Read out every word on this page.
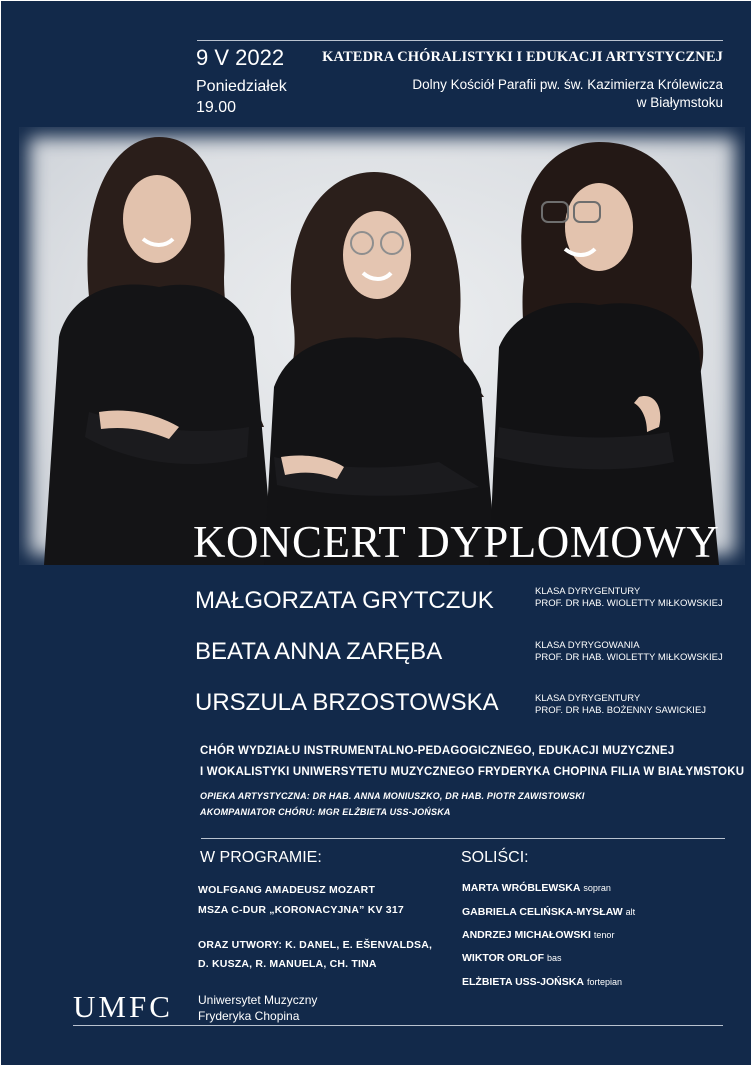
9 V 2022
Poniedziałek
19.00
KATEDRA CHÓRALISTYKI I EDUKACJI ARTYSTYCZNEJ
Dolny Kościół Parafii pw. św. Kazimierza Królewicza
w Białymstoku
KONCERT DYPLOMOWY
MAŁGORZATA GRYTCZUK	KLASA DYRYGENTURY
PROF. DR HAB. WIOLETTY MIŁKOWSKIEJ
BEATA ANNA ZARĘBA	KLASA DYRYGOWANIA
PROF. DR HAB. WIOLETTY MIŁKOWSKIEJ
URSZULA BRZOSTOWSKA	KLASA DYRYGENTURY
PROF. DR HAB. BOŻENNY SAWICKIEJ
CHÓR WYDZIAŁU INSTRUMENTALNO-PEDAGOGICZNEGO, EDUKACJI MUZYCZNEJ
I WOKALISTYKI UNIWERSYTETU MUZYCZNEGO FRYDERYKA CHOPINA FILIA W BIAŁYMSTOKU
OPIEKA ARTYSTYCZNA: DR HAB. ANNA MONIUSZKO, DR HAB. PIOTR ZAWISTOWSKI
AKOMPANIATOR CHÓRU: MGR ELŻBIETA USS-JOŃSKA
W PROGRAMIE:
WOLFGANG AMADEUSZ MOZART
MSZA C-DUR „KORONACYJNA” KV 317
ORAZ UTWORY: K. DANEL, E. EŠENVALDSA,
D. KUSZA, R. MANUELA, CH. TINA
SOLIŚCI:
MARTA WRÓBLEWSKA sopran
GABRIELA CELIŃSKA-MYSŁAW alt
ANDRZEJ MICHAŁOWSKI tenor
WIKTOR ORLOF bas
ELŻBIETA USS-JOŃSKA fortepian
UMFC Uniwersytet Muzyczny
Fryderyka Chopina
